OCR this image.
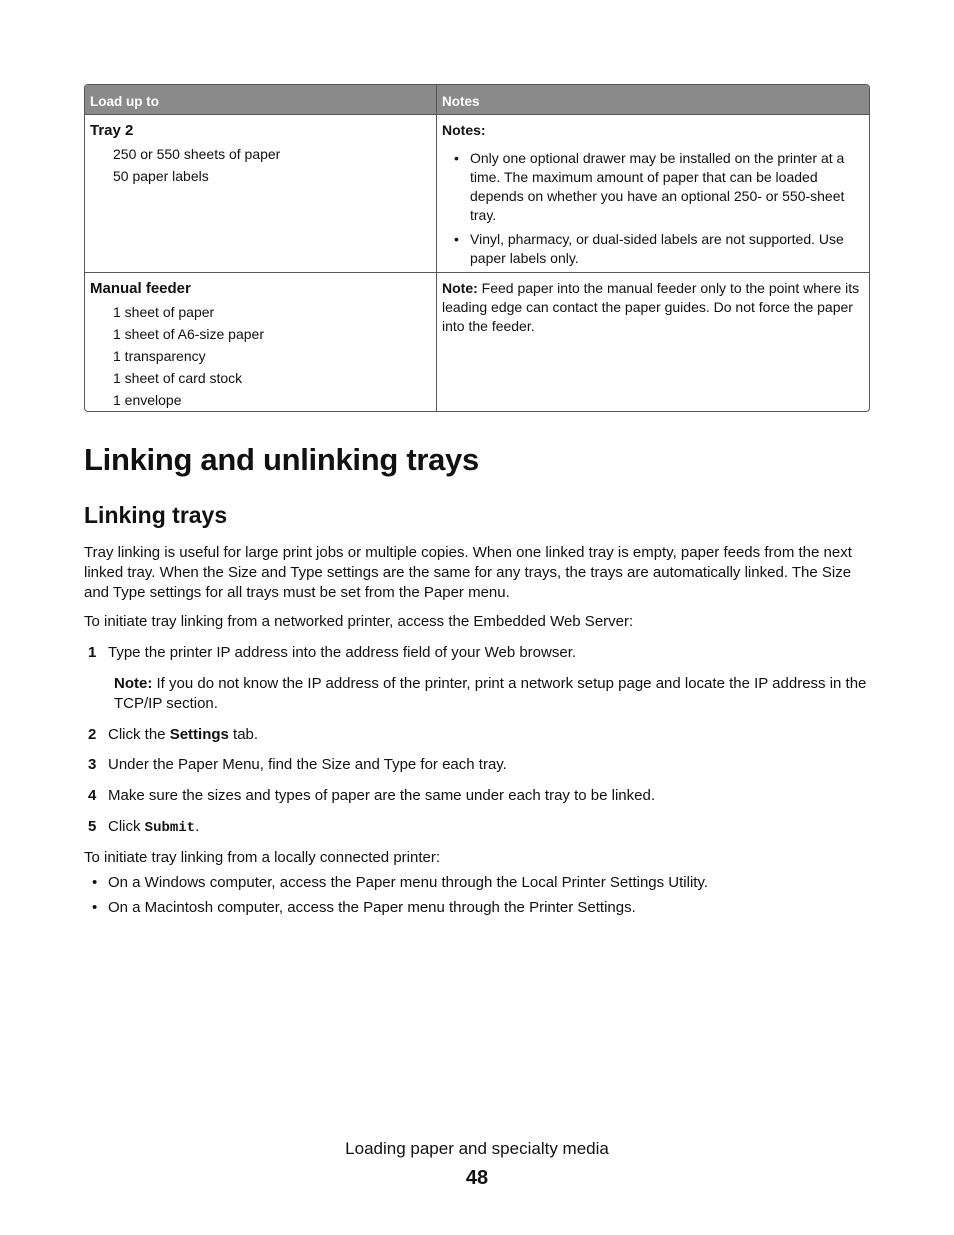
Load up to	Notes
Tray 2
250 or 550 sheets of paper
50 paper labels
Notes:
• Only one optional drawer may be installed on the printer at a time. The maximum amount of paper that can be loaded depends on whether you have an optional 250- or 550-sheet tray.
• Vinyl, pharmacy, or dual-sided labels are not supported. Use paper labels only.
Manual feeder
1 sheet of paper
1 sheet of A6-size paper
1 transparency
1 sheet of card stock
1 envelope
Note: Feed paper into the manual feeder only to the point where its leading edge can contact the paper guides. Do not force the paper into the feeder.
Linking and unlinking trays
Linking trays
Tray linking is useful for large print jobs or multiple copies. When one linked tray is empty, paper feeds from the next linked tray. When the Size and Type settings are the same for any trays, the trays are automatically linked. The Size and Type settings for all trays must be set from the Paper menu.
To initiate tray linking from a networked printer, access the Embedded Web Server:
1 Type the printer IP address into the address field of your Web browser.
Note: If you do not know the IP address of the printer, print a network setup page and locate the IP address in the TCP/IP section.
2 Click the Settings tab.
3 Under the Paper Menu, find the Size and Type for each tray.
4 Make sure the sizes and types of paper are the same under each tray to be linked.
5 Click Submit.
To initiate tray linking from a locally connected printer:
• On a Windows computer, access the Paper menu through the Local Printer Settings Utility.
• On a Macintosh computer, access the Paper menu through the Printer Settings.
Loading paper and specialty media
48
